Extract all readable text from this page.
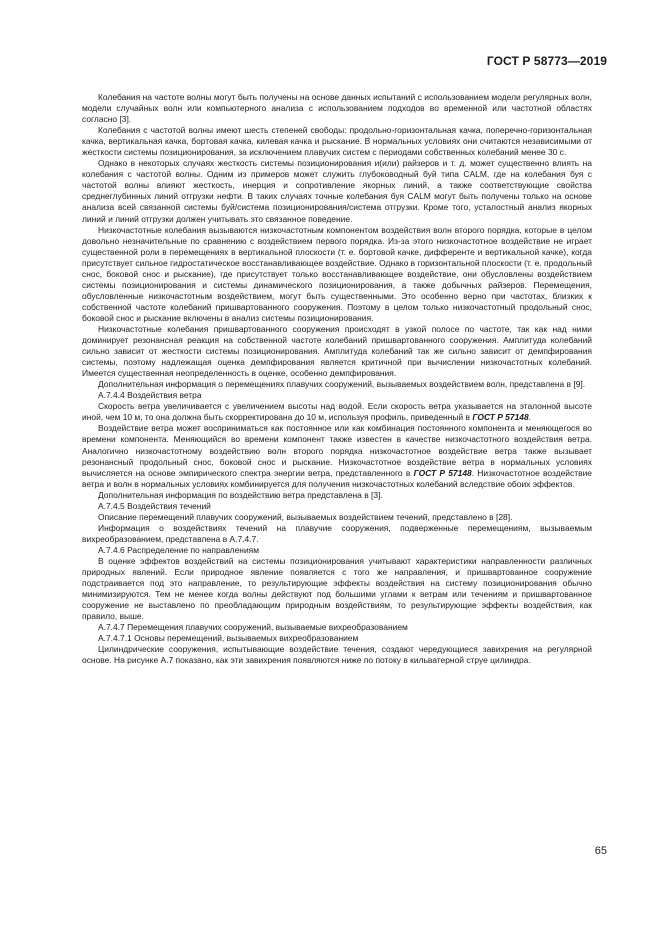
ГОСТ Р 58773—2019

Колебания на частоте волны могут быть получены на основе данных испытаний с использованием модели регулярных волн, модели случайных волн или компьютерного анализа с использованием подходов во временной или частотной областях согласно [3].

Колебания с частотой волны имеют шесть степеней свободы: продольно-горизонтальная качка, поперечно-горизонтальная качка, вертикальная качка, бортовая качка, килевая качка и рыскание. В нормальных условиях они считаются независимыми от жесткости системы позиционирования, за исключением плавучих систем с периодами собственных колебаний менее 30 с.

Однако в некоторых случаях жесткость системы позиционирования и(или) райзеров и т. д. может существенно влиять на колебания с частотой волны. Одним из примеров может служить глубоководный буй типа CALM, где на колебания буя с частотой волны влияют жесткость, инерция и сопротивление якорных линий, а также соответствующие свойства среднеглубинных линий отгрузки нефти. В таких случаях точные колебания буя CALM могут быть получены только на основе анализа всей связанной системы буй/система позиционирования/система отгрузки. Кроме того, усталостный анализ якорных линий и линий отгрузки должен учитывать это связанное поведение.

Низкочастотные колебания вызываются низкочастотным компонентом воздействия волн второго порядка, которые в целом довольно незначительные по сравнению с воздействием первого порядка. Из-за этого низкочастотное воздействие не играет существенной роли в перемещениях в вертикальной плоскости (т. е. бортовой качке, дифференте и вертикальной качке), когда присутствует сильное гидростатическое восстанавливающее воздействие. Однако в горизонтальной плоскости (т. е. продольный снос, боковой снос и рыскание), где присутствует только восстанавливающее воздействие, они обусловлены воздействием системы позиционирования и системы динамического позиционирования, а также добычных райзеров. Перемещения, обусловленные низкочастотным воздействием, могут быть существенными. Это особенно верно при частотах, близких к собственной частоте колебаний пришвартованного сооружения. Поэтому в целом только низкочастотный продольный снос, боковой снос и рыскание включены в анализ системы позиционирования.

Низкочастотные колебания пришвартованного сооружения происходят в узкой полосе по частоте, так как над ними доминирует резонансная реакция на собственной частоте колебаний пришвартованного сооружения. Амплитуда колебаний сильно зависит от жесткости системы позиционирования. Амплитуда колебаний так же сильно зависит от демпфирования системы, поэтому надлежащая оценка демпфирования является критичной при вычислении низкочастотных колебаний. Имеется существенная неопределенность в оценке, особенно демпфирования.

Дополнительная информация о перемещениях плавучих сооружений, вызываемых воздействием волн, представлена в [9].

А.7.4.4 Воздействия ветра

Скорость ветра увеличивается с увеличением высоты над водой. Если скорость ветра указывается на эталонной высоте иной, чем 10 м, то она должна быть скорректирована до 10 м, используя профиль, приведенный в ГОСТ Р 57148.

Воздействие ветра может восприниматься как постоянное или как комбинация постоянного компонента и меняющегося во времени компонента. Меняющийся во времени компонент также известен в качестве низкочастотного воздействия ветра. Аналогично низкочастотному воздействию волн второго порядка низкочастотное воздействие ветра также вызывает резонансный продольный снос, боковой снос и рыскание. Низкочастотное воздействие ветра в нормальных условиях вычисляется на основе эмпирического спектра энергии ветра, представленного в ГОСТ Р 57148. Низкочастотное воздействие ветра и волн в нормальных условиях комбинируется для получения низкочастотных колебаний вследствие обоих эффектов.

Дополнительная информация по воздействию ветра представлена в [3].

А.7.4.5 Воздействия течений

Описание перемещений плавучих сооружений, вызываемых воздействием течений, представлено в [28].

Информация о воздействиях течений на плавучие сооружения, подверженные перемещениям, вызываемым вихреобразованием, представлена в А.7.4.7.

А.7.4.6 Распределение по направлениям

В оценке эффектов воздействий на системы позиционирования учитывают характеристики направленности различных природных явлений. Если природное явление появляется с того же направления, и пришвартованное сооружение подстраивается под это направление, то результирующие эффекты воздействия на систему позиционирования обычно минимизируются. Тем не менее когда волны действуют под большими углами к ветрам или течениям и пришвартованное сооружение не выставлено по преобладающим природным воздействиям, то результирующие эффекты воздействия, как правило, выше.

А.7.4.7 Перемещения плавучих сооружений, вызываемые вихреобразованием

А.7.4.7.1 Основы перемещений, вызываемых вихреобразованием

Цилиндрические сооружения, испытывающие воздействие течения, создают чередующиеся завихрения на регулярной основе. На рисунке А.7 показано, как эти завихрения появляются ниже по потоку в кильватерной струе цилиндра.

65
